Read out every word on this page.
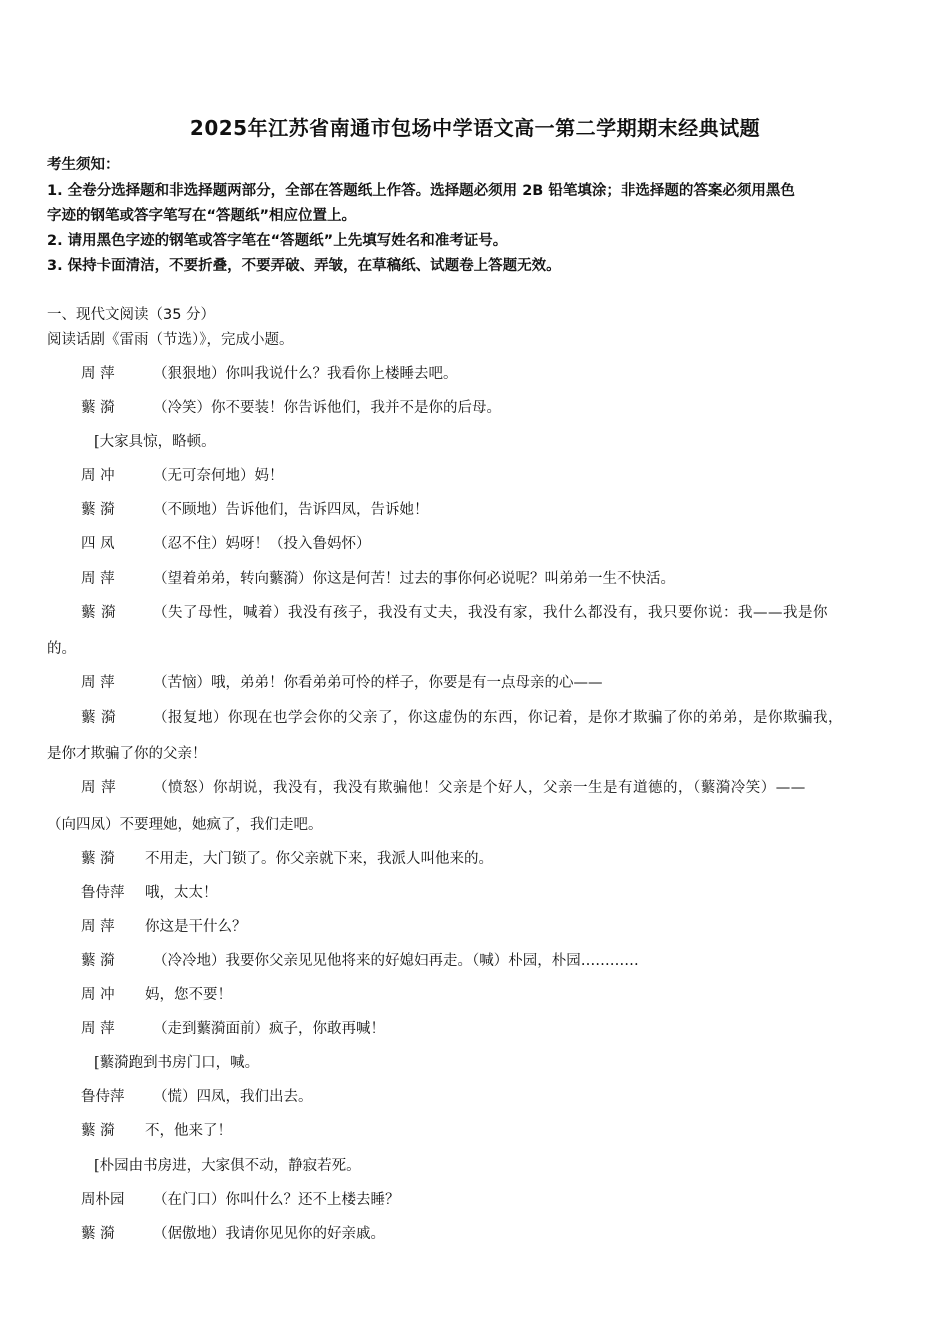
2025年江苏省南通市包场中学语文高一第二学期期末经典试题
考生须知：
1. 全卷分选择题和非选择题两部分，全部在答题纸上作答。选择题必须用 2B 铅笔填涂；非选择题的答案必须用黑色
字迹的钢笔或答字笔写在“答题纸”相应位置上。
2. 请用黑色字迹的钢笔或答字笔在“答题纸”上先填写姓名和准考证号。
3. 保持卡面清洁，不要折叠，不要弄破、弄皱，在草稿纸、试题卷上答题无效。
一、现代文阅读（35 分）
阅读话剧《雷雨（节选）》，完成小题。
周 萍	（狠狠地）你叫我说什么？我看你上楼睡去吧。
蘩 漪	（冷笑）你不要装！你告诉他们，我并不是你的后母。
[大家具惊，略顿。
周 冲	（无可奈何地）妈！
蘩 漪	（不顾地）告诉他们，告诉四凤，告诉她！
四 凤	（忍不住）妈呀！（投入鲁妈怀）
周 萍	（望着弟弟，转向蘩漪）你这是何苦！过去的事你何必说呢？叫弟弟一生不快活。
蘩 漪	（失了母性，喊着）我没有孩子，我没有丈夫，我没有家，我什么都没有，我只要你说：我——我是你
的。
周 萍	（苦恼）哦，弟弟！你看弟弟可怜的样子，你要是有一点母亲的心——
蘩 漪	（报复地）你现在也学会你的父亲了，你这虚伪的东西，你记着，是你才欺骗了你的弟弟，是你欺骗我，
是你才欺骗了你的父亲！
周 萍	（愤怒）你胡说，我没有，我没有欺骗他！父亲是个好人，父亲一生是有道德的，（蘩漪冷笑）——
（向四凤）不要理她，她疯了，我们走吧。
蘩 漪 不用走，大门锁了。你父亲就下来，我派人叫他来的。
鲁侍萍 哦，太太！
周 萍 你这是干什么？
蘩 漪	（冷冷地）我要你父亲见见他将来的好媳妇再走。（喊）朴园，朴园…………
周 冲 妈，您不要！
周 萍	（走到蘩漪面前）疯子，你敢再喊！
[蘩漪跑到书房门口，喊。
鲁侍萍 （慌）四凤，我们出去。
蘩 漪 不，他来了！
[朴园由书房进，大家俱不动，静寂若死。
周朴园 （在门口）你叫什么？还不上楼去睡？
蘩 漪	（倨傲地）我请你见见你的好亲戚。
